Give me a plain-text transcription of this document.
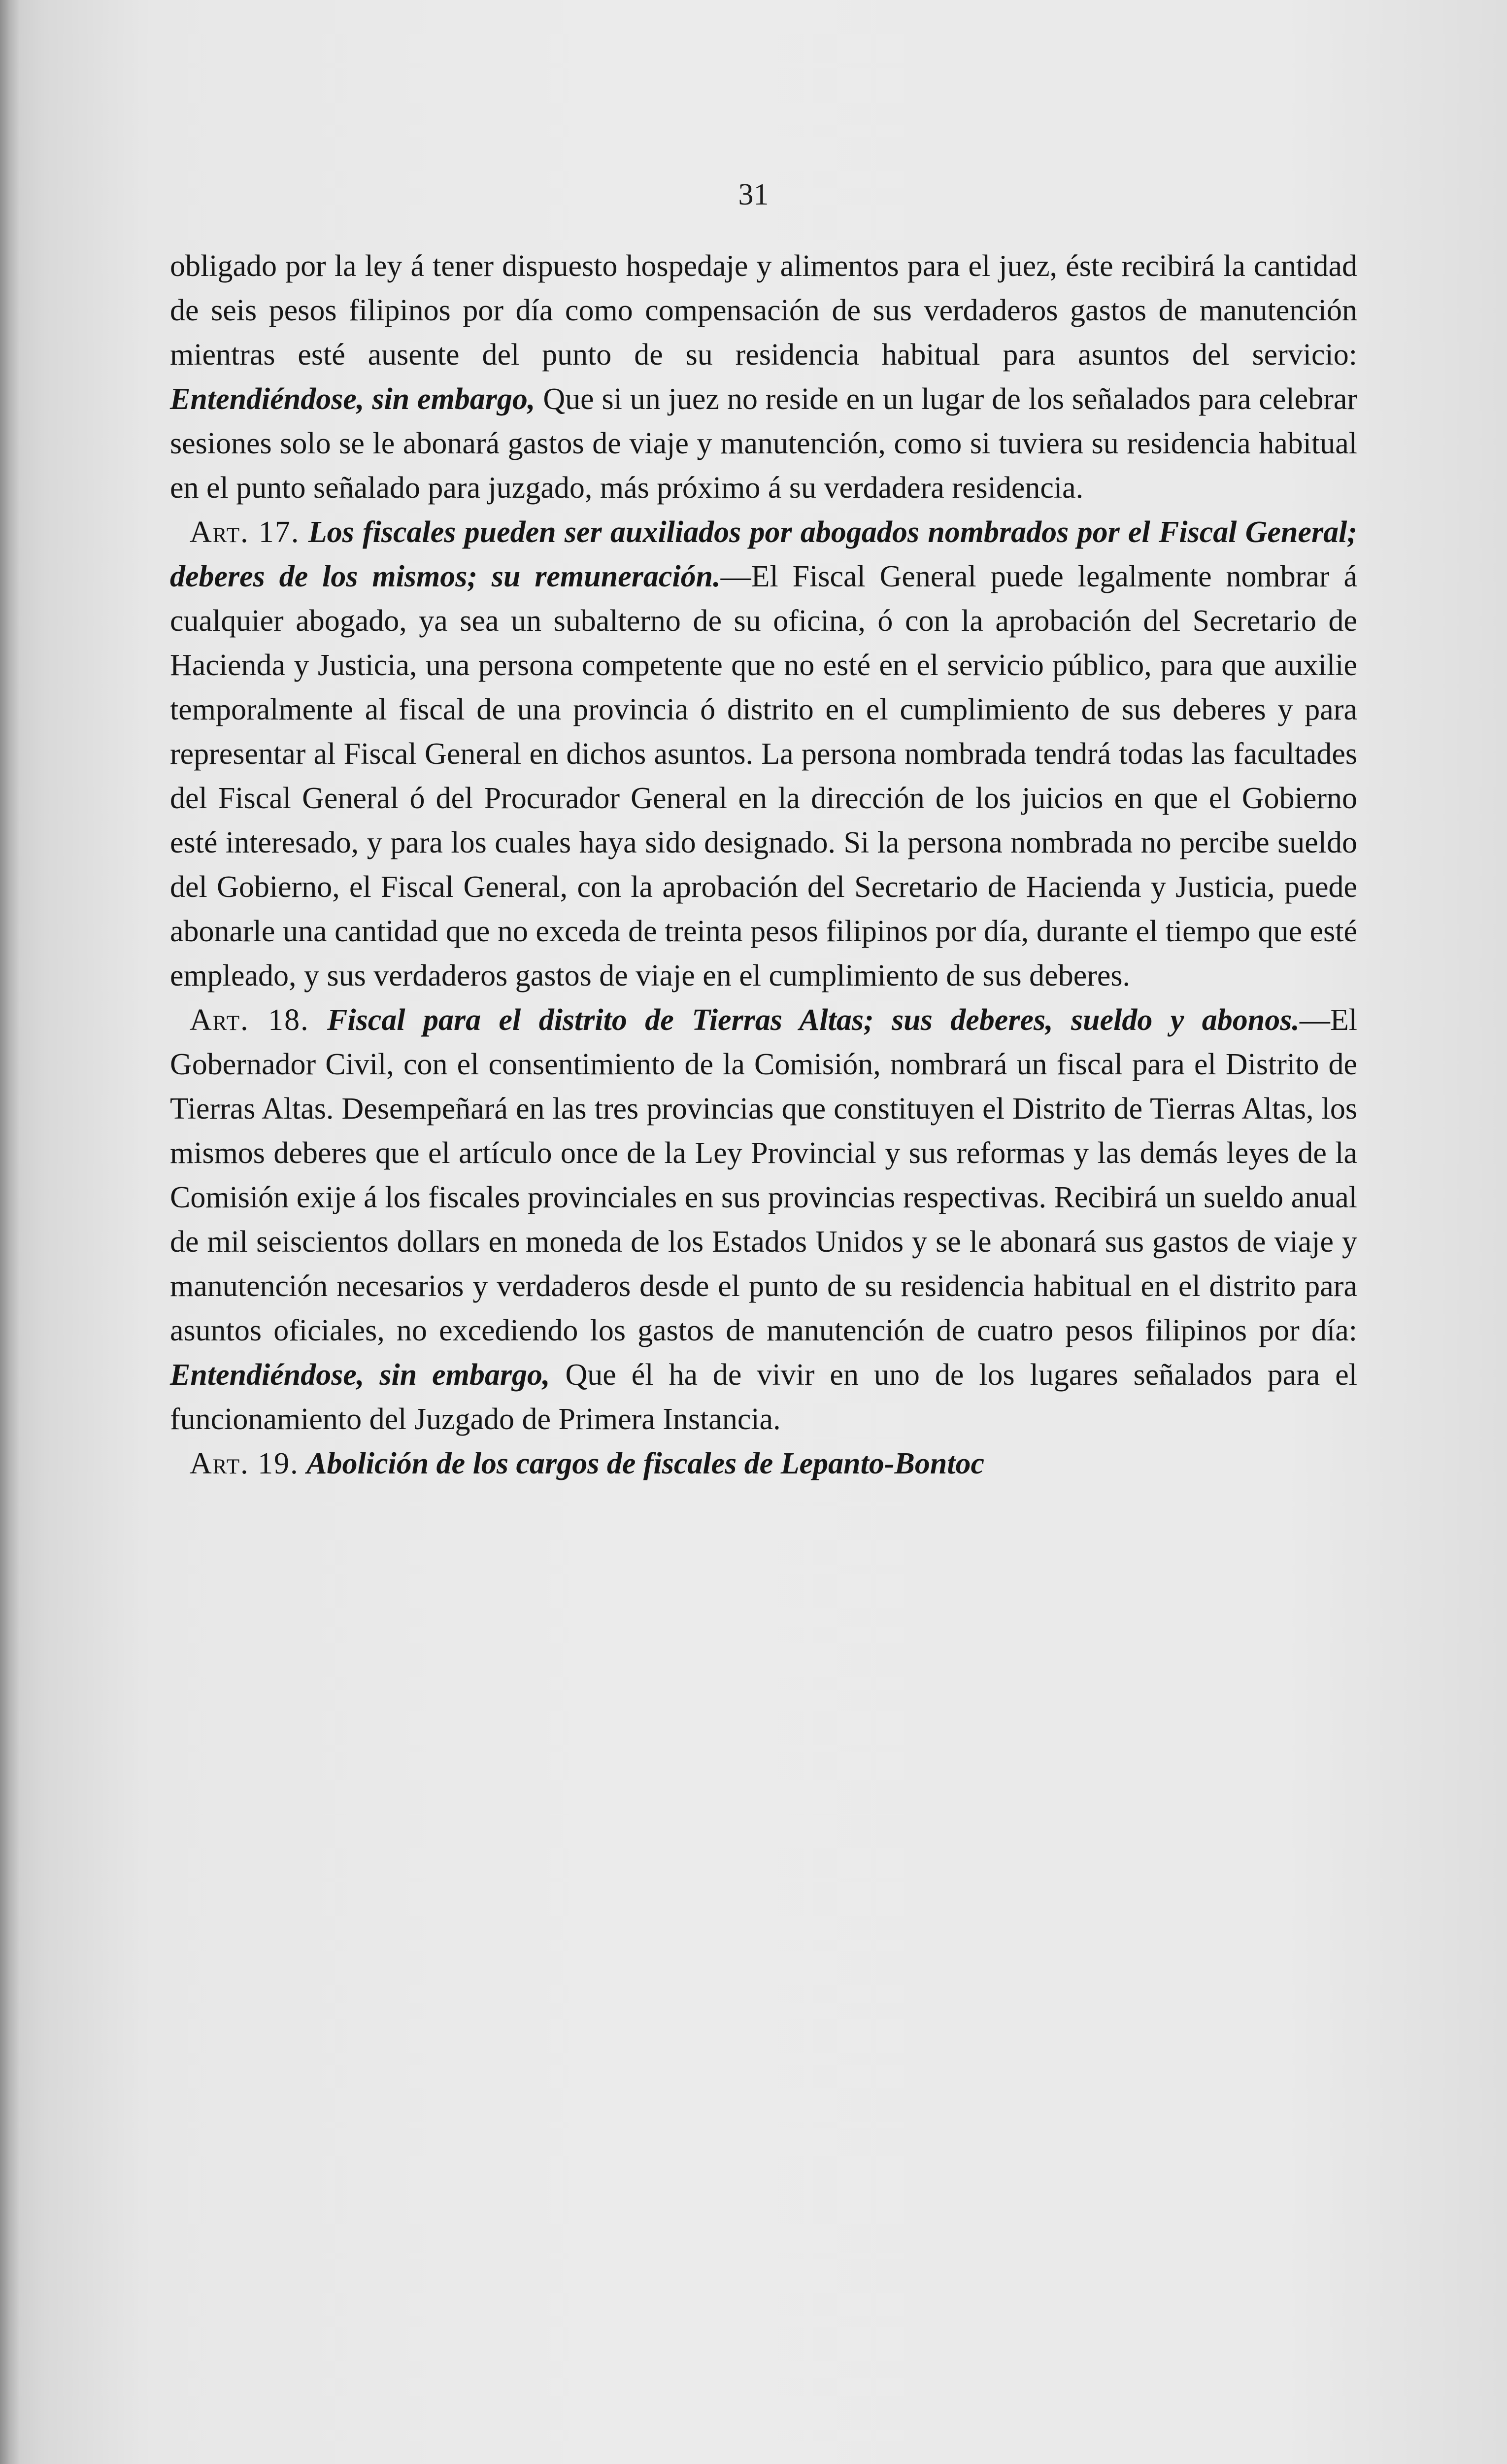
31

obligado por la ley á tener dispuesto hospedaje y alimentos para el juez, éste recibirá la cantidad de seis pesos filipinos por día como compensación de sus verdaderos gastos de manutención mientras esté ausente del punto de su residencia habitual para asuntos del servicio: Entendiéndose, sin embargo, Que si un juez no reside en un lugar de los señalados para celebrar sesiones solo se le abonará gastos de viaje y manutención, como si tuviera su residencia habitual en el punto señalado para juzgado, más próximo á su verdadera residencia.

Art. 17. Los fiscales pueden ser auxiliados por abogados nombrados por el Fiscal General; deberes de los mismos; su remuneración.—El Fiscal General puede legalmente nombrar á cualquier abogado, ya sea un subalterno de su oficina, ó con la aprobación del Secretario de Hacienda y Justicia, una persona competente que no esté en el servicio público, para que auxilie temporalmente al fiscal de una provincia ó distrito en el cumplimiento de sus deberes y para representar al Fiscal General en dichos asuntos. La persona nombrada tendrá todas las facultades del Fiscal General ó del Procurador General en la dirección de los juicios en que el Gobierno esté interesado, y para los cuales haya sido designado. Si la persona nombrada no percibe sueldo del Gobierno, el Fiscal General, con la aprobación del Secretario de Hacienda y Justicia, puede abonarle una cantidad que no exceda de treinta pesos filipinos por día, durante el tiempo que esté empleado, y sus verdaderos gastos de viaje en el cumplimiento de sus deberes.

Art. 18. Fiscal para el distrito de Tierras Altas; sus deberes, sueldo y abonos.—El Gobernador Civil, con el consentimiento de la Comisión, nombrará un fiscal para el Distrito de Tierras Altas. Desempeñará en las tres provincias que constituyen el Distrito de Tierras Altas, los mismos deberes que el artículo once de la Ley Provincial y sus reformas y las demás leyes de la Comisión exije á los fiscales provinciales en sus provincias respectivas. Recibirá un sueldo anual de mil seiscientos dollars en moneda de los Estados Unidos y se le abonará sus gastos de viaje y manutención necesarios y verdaderos desde el punto de su residencia habitual en el distrito para asuntos oficiales, no excediendo los gastos de manutención de cuatro pesos filipinos por día: Entendiéndose, sin embargo, Que él ha de vivir en uno de los lugares señalados para el funcionamiento del Juzgado de Primera Instancia.

Art. 19. Abolición de los cargos de fiscales de Lepanto-Bontoc
